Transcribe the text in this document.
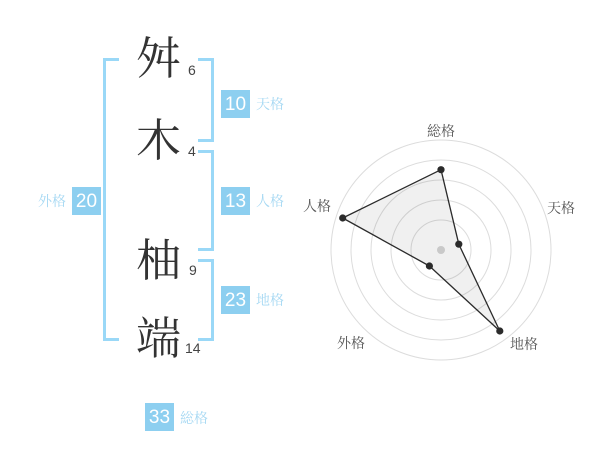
舛 6
木 4
柚 9
端 14
10 天格
13 人格
外格 20
23 地格
33 総格
総格
天格
地格
外格
人格
